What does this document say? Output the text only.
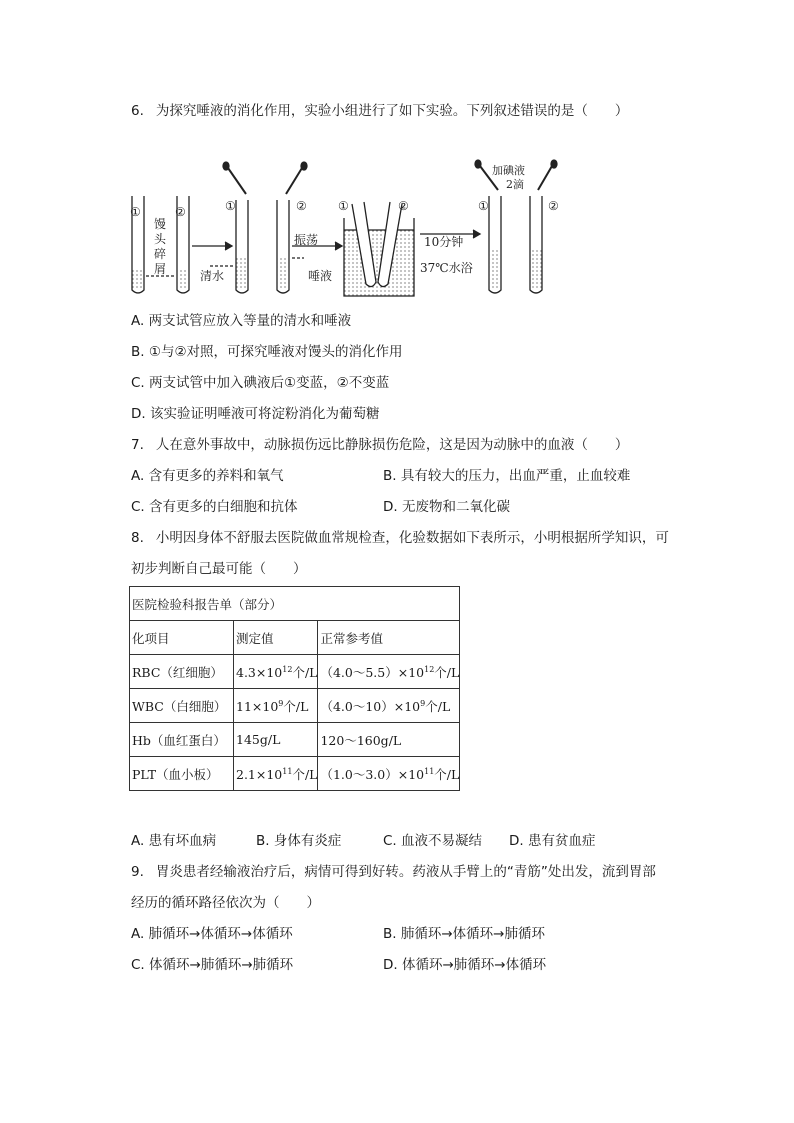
6. 为探究唾液的消化作用，实验小组进行了如下实验。下列叙述错误的是（　　）
①	②	①	②	①	②	①	②
馒头碎屑	清水
振荡
唾液
10分钟
37℃水浴
加碘液
2滴
A. 两支试管应放入等量的清水和唾液
B. ①与②对照，可探究唾液对馒头的消化作用
C. 两支试管中加入碘液后①变蓝，②不变蓝
D. 该实验证明唾液可将淀粉消化为葡萄糖
7. 人在意外事故中，动脉损伤远比静脉损伤危险，这是因为动脉中的血液（　　）
A. 含有更多的养料和氧气	B. 具有较大的压力，出血严重，止血较难
C. 含有更多的白细胞和抗体	D. 无废物和二氧化碳
8. 小明因身体不舒服去医院做血常规检查，化验数据如下表所示，小明根据所学知识，可
初步判断自己最可能（　　）
医院检验科报告单（部分）		
化项目	测定值	正常参考值
RBC（红细胞）	$4.3\times 10^{12}$个/L	$(4.0\sim 5.5)\times 10^{12}$个/L
WBC（白细胞）	$11\times 10^9$个/L	$(4.0\sim 10)\times 10^9$个/L
Hb（血红蛋白）	145g/L	120～160g/L
PLT（血小板）	$2.1\times 10^{11}$个/L	$(1.0\sim 3.0)\times 10^{11}$个/L
A. 患有坏血病	B. 身体有炎症	C. 血液不易凝结 D. 患有贫血症
9. 胃炎患者经输液治疗后，病情可得到好转。药液从手臂上的“青筋”处出发，流到胃部
经历的循环路径依次为（　　）
A. 肺循环→体循环→体循环	B. 肺循环→体循环→肺循环
C. 体循环→肺循环→肺循环	D. 体循环→肺循环→体循环
